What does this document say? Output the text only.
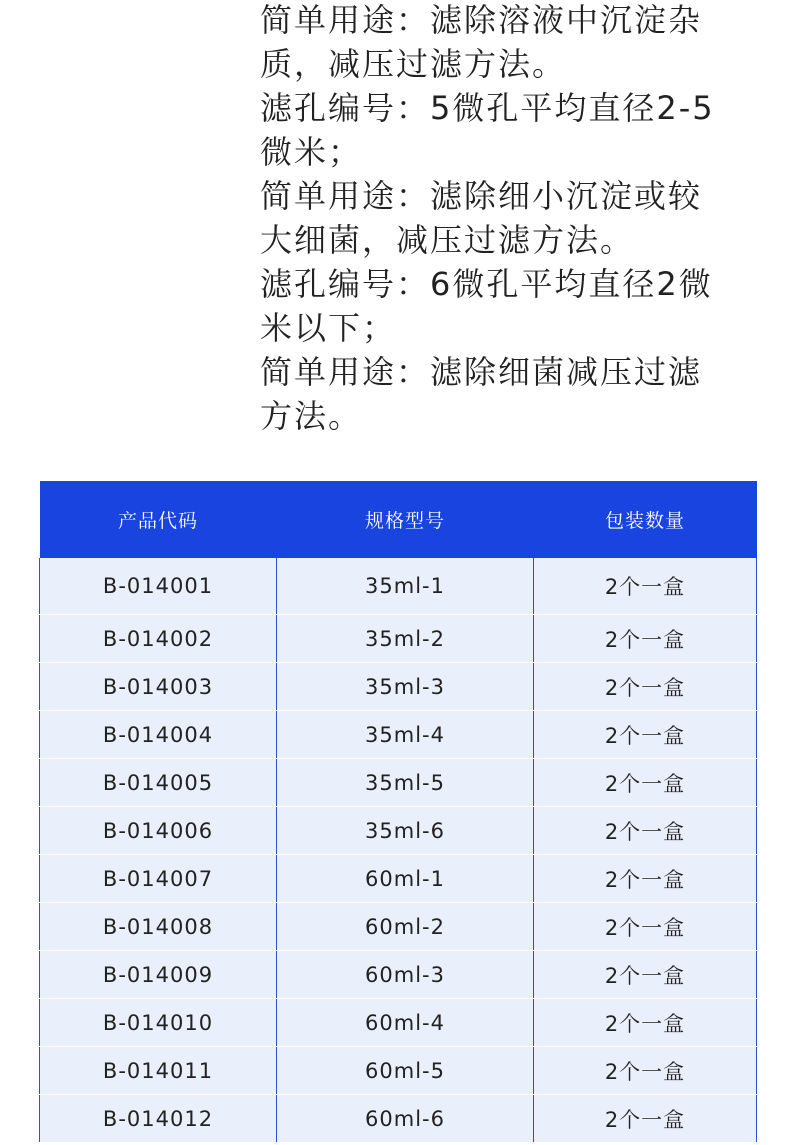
简单用途：滤除溶液中沉淀杂

质，减压过滤方法。

滤孔编号：5微孔平均直径2-5

微米；

简单用途：滤除细小沉淀或较

大细菌，减压过滤方法。

滤孔编号：6微孔平均直径2微

米以下；

简单用途：滤除细菌减压过滤

方法。

产品代码	规格型号	包装数量
B-014001	35ml-1	2个一盒
B-014002	35ml-2	2个一盒
B-014003	35ml-3	2个一盒
B-014004	35ml-4	2个一盒
B-014005	35ml-5	2个一盒
B-014006	35ml-6	2个一盒
B-014007	60ml-1	2个一盒
B-014008	60ml-2	2个一盒
B-014009	60ml-3	2个一盒
B-014010	60ml-4	2个一盒
B-014011	60ml-5	2个一盒
B-014012	60ml-6	2个一盒
